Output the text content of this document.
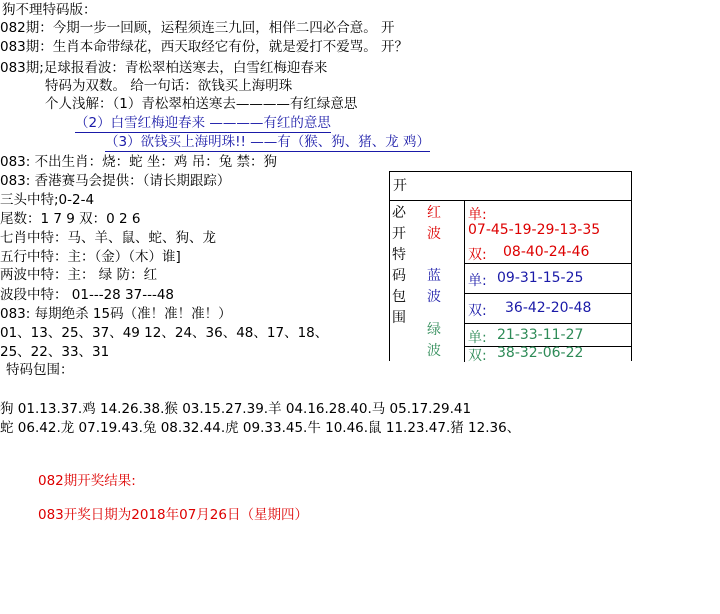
狗不理特码版：
082期：今期一步一回顾，运程须连三九回，相伴二四必合意。 开
083期：生肖本命带绿花，西天取经它有份，就是爱打不爱骂。 开？
083期;足球报看波：青松翠柏送寒去，白雪红梅迎春来
特码为双数。 给一句话：欲钱买上海明珠
个人浅解：（1）青松翠柏送寒去————有红绿意思
（2）白雪红梅迎春来 ————有红的意思
（3）欲钱买上海明珠!! ——有（猴、狗、猪、龙 鸡）
083: 不出生肖：烧：蛇 坐：鸡 吊：兔 禁：狗
083: 香港赛马会提供：（请长期跟踪）
三头中特;0-2-4
尾数：1 7 9 双：0 2 6
七肖中特：马、羊、鼠、蛇、狗、龙
五行中特：主：（金）（木）谁]
两波中特：主： 绿 防：红
波段中特： 01---28 37---48
083: 每期绝杀 15码（准！准！准！）
01、13、25、37、49 12、24、36、48、17、18、
25、22、33、31
特码包围：
狗 01.13.37.鸡 14.26.38.猴 03.15.27.39.羊 04.16.28.40.马 05.17.29.41
蛇 06.42.龙 07.19.43.兔 08.32.44.虎 09.33.45.牛 10.46.鼠 11.23.47.猪 12.36、
082期开奖结果:
083开奖日期为2018年07月26日（星期四）
开
必
开
特
码
包
围
红
波
单:
07-45-19-29-13-35
双: 08-40-24-46
蓝
波
单: 09-31-15-25
双: 36-42-20-48
绿
波
单: 21-33-11-27
双: 38-32-06-22
